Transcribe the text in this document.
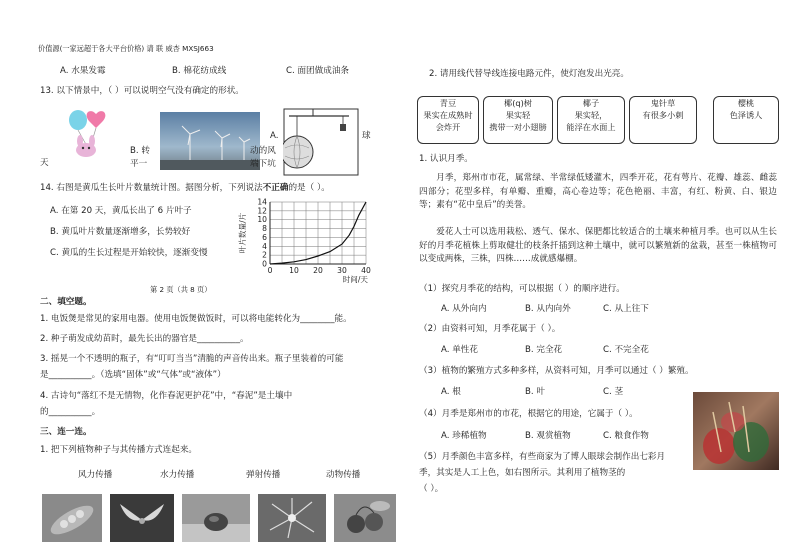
价值源(一家远超于各大平台价格) 请 联 威杏 MXSJ663
A. 水果发霉	B. 棉花纺成线	C. 面团做成油条
13. 以下情景中，（ ）可以说明空气没有确定的形状。
天
B. 转
平一
A.	球
动的风
端下坑
14. 右图是黄瓜生长叶片数量统计图。据图分析，下列说法不正确的是（ ）。
A. 在第 20 天，黄瓜长出了 6 片叶子
B. 黄瓜叶片数量逐渐增多，长势较好
C. 黄瓜的生长过程是开始较快，逐渐变慢
0
2
4
6
8
10
12
14
0 10 20 30 40
时间/天
叶片数量/片
第 2 页（共 8 页）
二、填空题。
1. 电饭煲是常见的家用电器。使用电饭煲做饭时，可以将电能转化为________能。
2. 种子萌发成幼苗时，最先长出的器官是__________。
3. 摇晃一个不透明的瓶子，有“叮叮当当”清脆的声音传出来。瓶子里装着的可能
是__________。（选填“固体”或“气体”或“液体”）
4. 古诗句“落红不是无情物，化作春泥更护花”中，“春泥”是土壤中
的__________。
三、连一连。
1. 把下列植物种子与其传播方式连起来。
风力传播	水力传播	弹射传播	动物传播
2. 请用线代替导线连接电路元件，使灯泡发出光亮。
青豆
果实在成熟时
会炸开
椰(q)树
果实轻
携带一对小翅膀
椰子
果实轻，
能浮在水面上
鬼针草
有很多小刺
樱桃
色泽诱人
1. 认识月季。
月季，郑州市市花，属常绿、半常绿低矮灌木，四季开花，花有萼片、花瓣、雄蕊、雌蕊四部分；花型多样，有单瓣、重瓣，高心卷边等；花色艳丽、丰富，有红、粉黄、白、银边等；素有“花中皇后”的美誉。
爱花人士可以选用栽松、透气、保水、保肥都比较适合的土壤来种植月季。也可以从生长好的月季花植株上剪取健壮的枝条扦插到这种土壤中，就可以繁殖新的盆栽，甚至一株植物可以变成两株，三株，四株……成就感爆棚。
（1）探究月季花的结构，可以根据（ ）的顺序进行。
A. 从外向内	B. 从内向外	C. 从上往下
（2）由资料可知，月季花属于（ ）。
A. 单性花	B. 完全花	C. 不完全花
（3）植物的繁殖方式多种多样，从资料可知，月季可以通过（ ）繁殖。
A. 根	B. 叶	C. 茎
（4）月季是郑州市的市花，根据它的用途，它属于（ ）。
A. 珍稀植物	B. 观赏植物	C. 粮食作物
（5）月季颜色丰富多样，有些商家为了博人眼球会制作出七彩月
季，其实是人工上色，如右图所示。其利用了植物茎的
（ ）。
